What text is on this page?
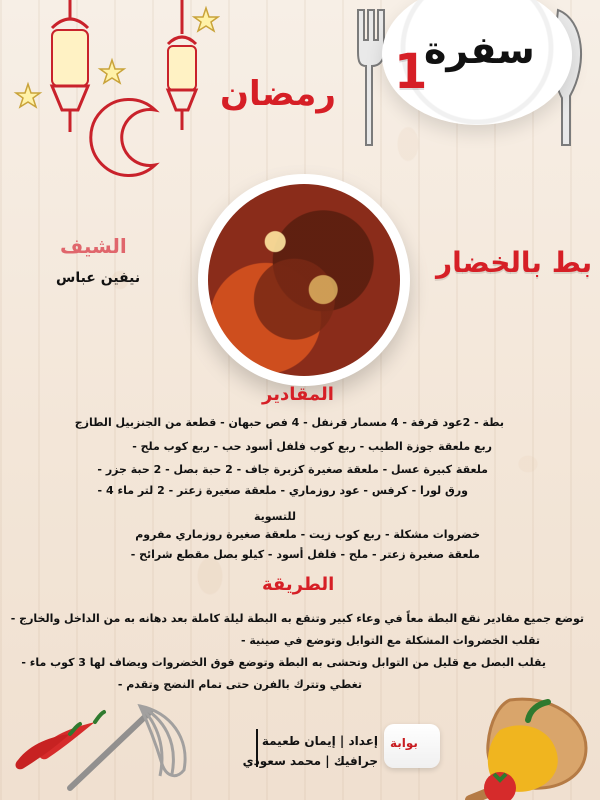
سفرة
1
رمضان
الشيف
نيفين عباس	بط بالخضار
المقادير
بطة - 2عود قرفة - 4 مسمار قرنفل - 4 فص حبهان - قطعة من الجنزبيل الطازج
ربع ملعقة جوزة الطيب - ربع كوب فلفل أسود حب - ربع كوب ملح -
ملعقة كبيرة عسل - ملعقة صغيرة كزبرة جاف - 2 حبة بصل - 2 حبة جزر -
ورق لورا - كرفس - عود روزماري - ملعقة صغيرة زعتر - 2 لتر ماء 4 -
للتسوية
خضروات مشكلة - ربع كوب زيت - ملعقة صغيرة روزماري مفروم
ملعقة صغيرة زعتر - ملح - فلفل أسود - كيلو بصل مقطع شرائح -
الطريقة
توضع جميع مقادير نقع البطة معاً في وعاء كبير وتنقع به البطة ليلة كاملة بعد دهانه به من الداخل والخارج -
تقلب الخضروات المشكلة مع التوابل وتوضع في صينية -
يقلب البصل مع قليل من التوابل وتحشى به البطة وتوضع فوق الخضروات ويضاف لها 3 كوب ماء -
تغطي وتترك بالفرن حتى تمام النضج وتقدم -
إعداد | إيمان طعيمة
جرافيك | محمد سعودي
بوابة
